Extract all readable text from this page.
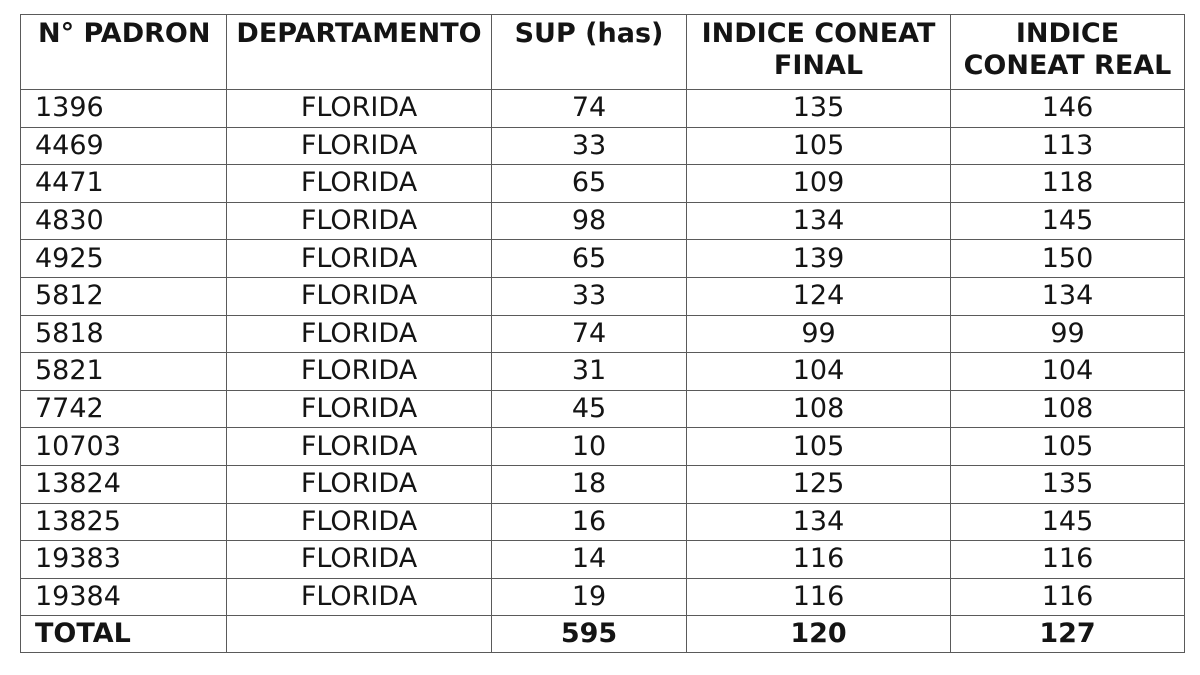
N° PADRON	DEPARTAMENTO	SUP (has)	INDICE CONEAT FINAL	INDICE CONEAT REAL
1396	FLORIDA	74	135	146
4469	FLORIDA	33	105	113
4471	FLORIDA	65	109	118
4830	FLORIDA	98	134	145
4925	FLORIDA	65	139	150
5812	FLORIDA	33	124	134
5818	FLORIDA	74	99	99
5821	FLORIDA	31	104	104
7742	FLORIDA	45	108	108
10703	FLORIDA	10	105	105
13824	FLORIDA	18	125	135
13825	FLORIDA	16	134	145
19383	FLORIDA	14	116	116
19384	FLORIDA	19	116	116
TOTAL		595	120	127
